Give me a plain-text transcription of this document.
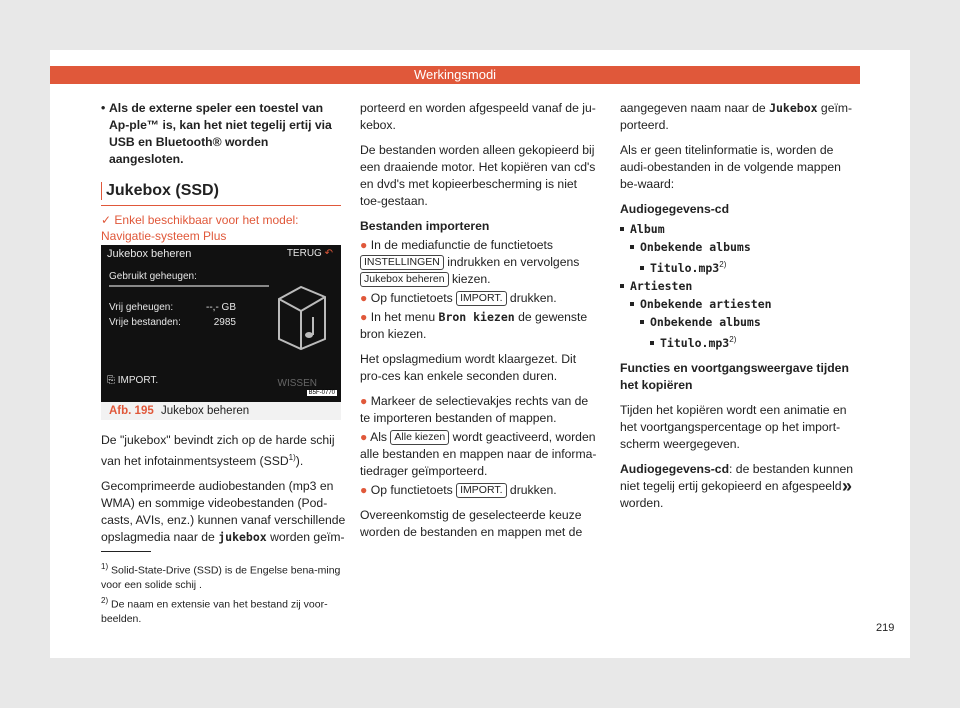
Werkingsmodi

• Als de externe speler een toestel van Ap-ple™ is, kan het niet tegelij ertij via USB en Bluetooth® worden aangesloten.

Jukebox (SSD)
✓ Enkel beschikbaar voor het model: Navigatie-systeem Plus
Jukebox beheren	TERUG ↶
Gebruikt geheugen:
Vrij geheugen:	--,- GB
Vrije bestanden:	2985
⎘ IMPORT.	WISSEN
B5F-0770
Afb. 195 Jukebox beheren

De "jukebox" bevindt zich op de harde schij van het infotainmentsysteem (SSD$^{1)}$).

Gecomprimeerde audiobestanden (mp3 en WMA) en sommige videobestanden (Pod-casts, AVIs, enz.) kunnen vanaf verschillende opslagmedia naar de jukebox worden geïm-

$^{1)}$ Solid-State-Drive (SSD) is de Engelse bena-ming voor een solide schij .
$^{2)}$ De naam en extensie van het bestand zij voor-beelden.

porteerd en worden afgespeeld vanaf de ju-kebox.

De bestanden worden alleen gekopieerd bij een draaiende motor. Het kopiëren van cd's en dvd's met kopieerbescherming is niet toe-gestaan.

Bestanden importeren

● In de mediafunctie de functietoets INSTELLINGEN indrukken en vervolgens Jukebox beheren kiezen.

● Op functietoets IMPORT. drukken.

● In het menu Bron kiezen de gewenste bron kiezen.

Het opslagmedium wordt klaargezet. Dit pro-ces kan enkele seconden duren.

● Markeer de selectievakjes rechts van de te importeren bestanden of mappen.

● Als Alle kiezen wordt geactiveerd, worden alle bestanden en mappen naar de informa-tiedrager geïmporteerd.

● Op functietoets IMPORT. drukken.

Overeenkomstig de geselecteerde keuze worden de bestanden en mappen met de

aangegeven naam naar de Jukebox geïm-porteerd.

Als er geen titelinformatie is, worden de audi-obestanden in de volgende mappen be-waard:

Audiogegevens-cd

Album
Onbekende albums
Titulo.mp3$^{2)}$
Artiesten
Onbekende artiesten
Onbekende albums
Titulo.mp3$^{2)}$

Functies en voortgangsweergave tijden het kopiëren

Tijden het kopiëren wordt een animatie en het voortgangspercentage op het import-scherm weergegeven.

Audiogegevens-cd: de bestanden kunnen niet tegelij ertij gekopieerd en afgespeeld worden.

»
219
